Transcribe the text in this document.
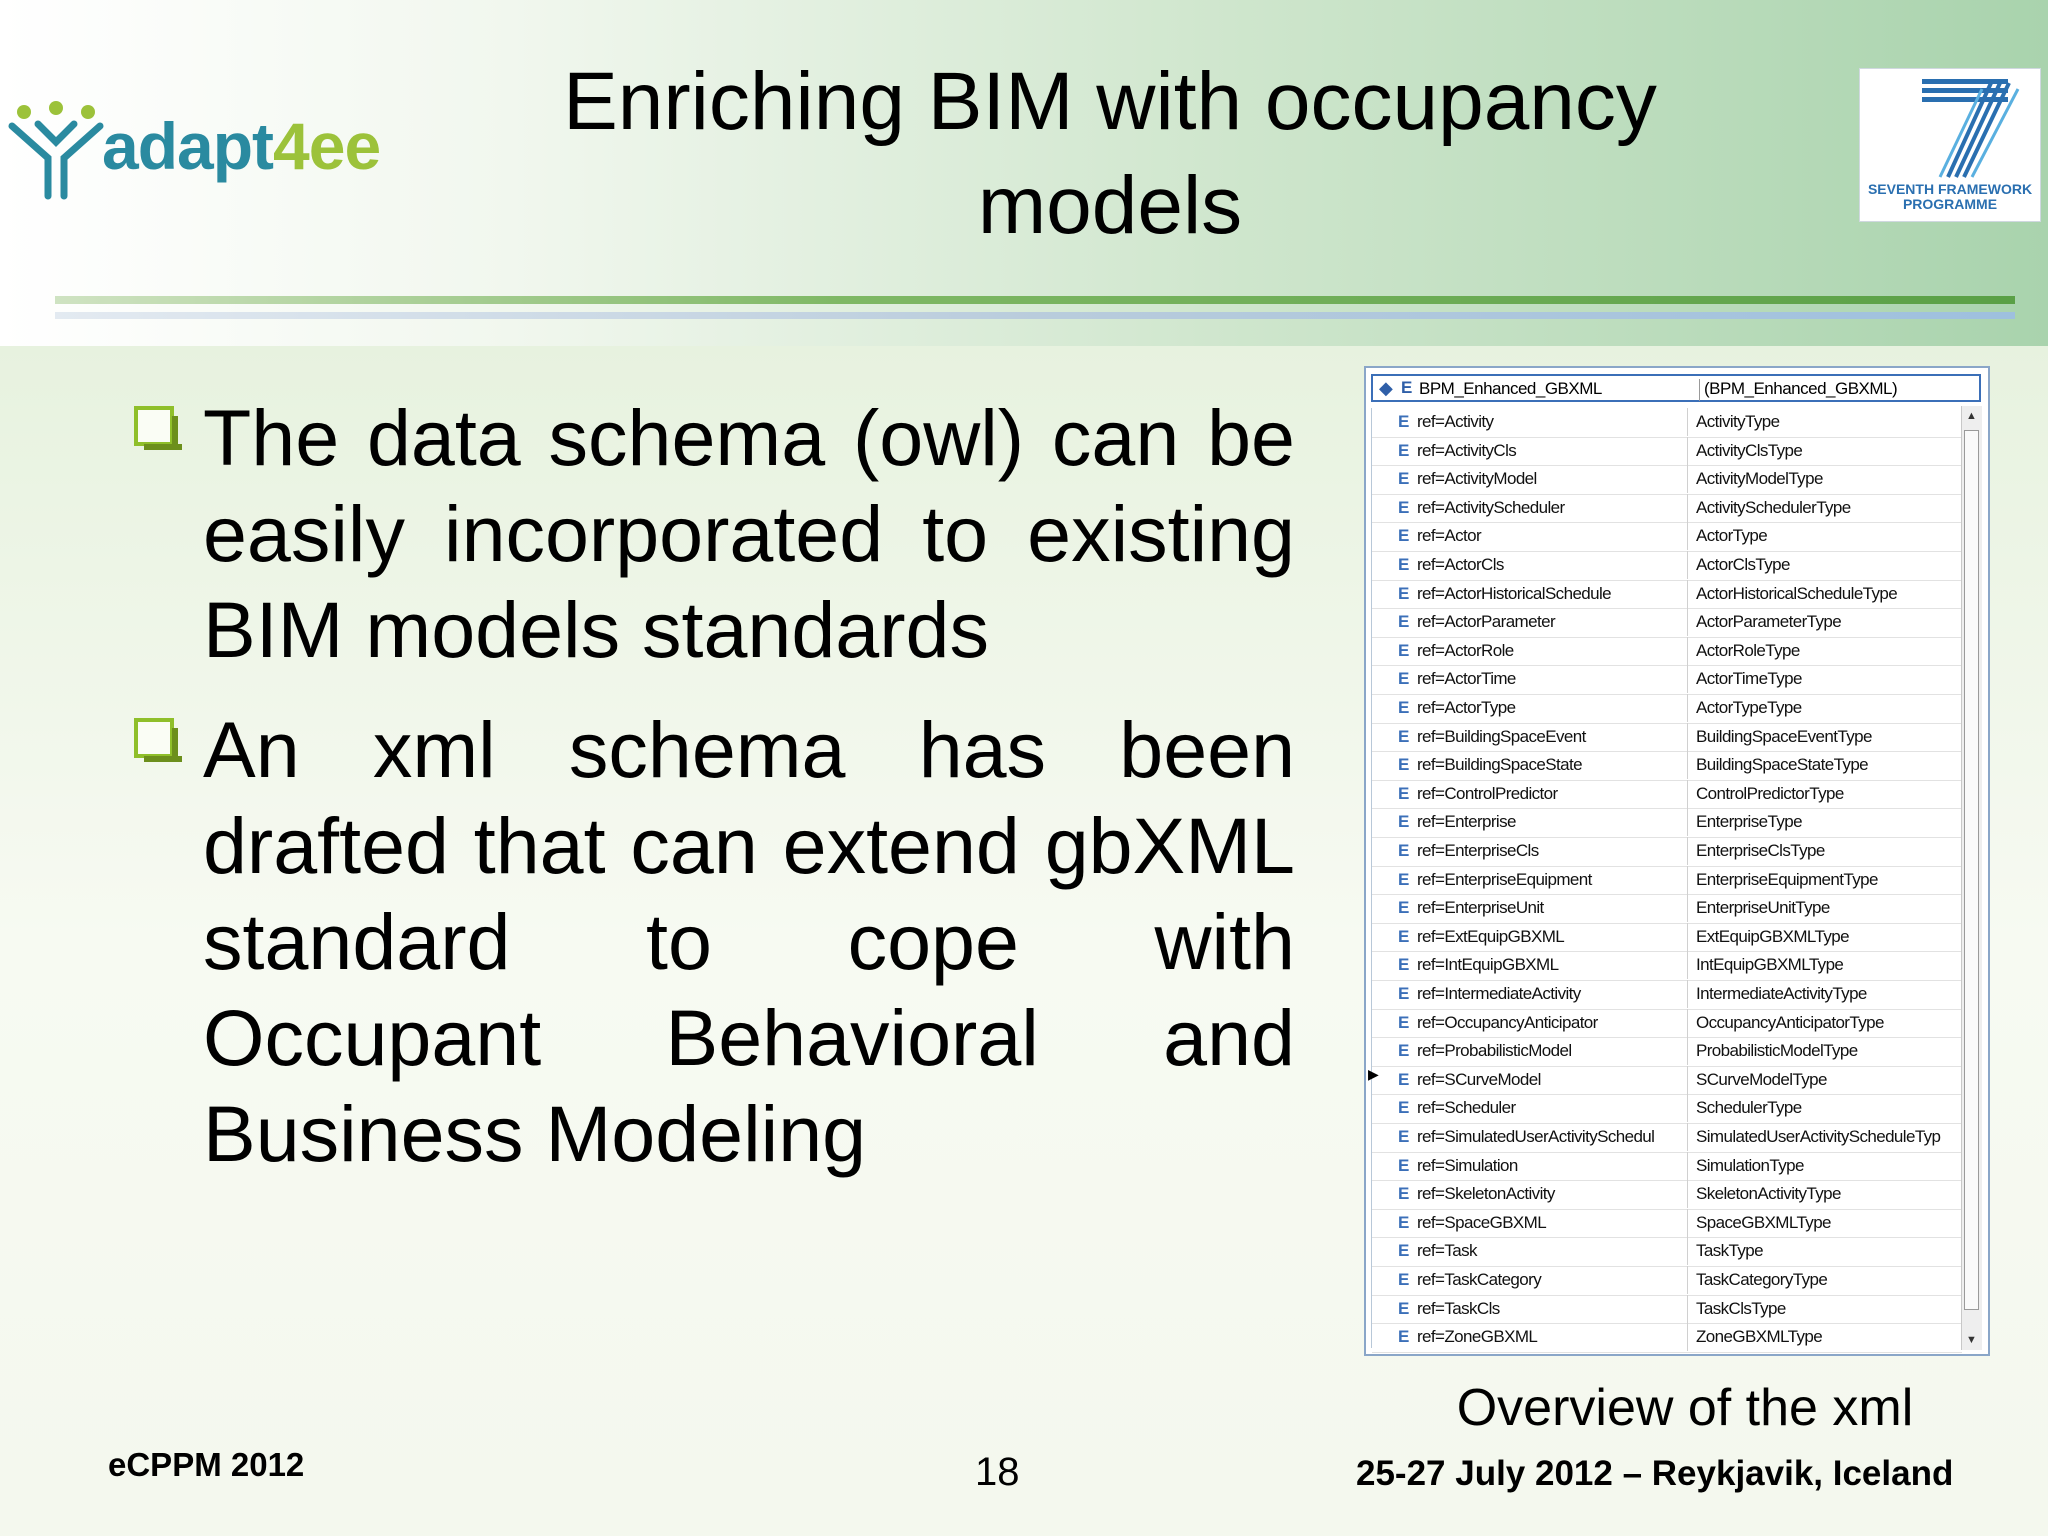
adapt4ee	Enriching BIM with occupancy
models	SEVENTH FRAMEWORK
PROGRAMME
The data schema (owl) can be easily incorporated to existing BIM models standards
An xml schema has been drafted that can extend gbXML standard to cope with Occupant Behavioral and Business Modeling
◆ E BPM_Enhanced_GBXML	(BPM_Enhanced_GBXML)
E ref=Activity	ActivityType
E ref=ActivityCls	ActivityClsType
E ref=ActivityModel	ActivityModelType
E ref=ActivityScheduler	ActivitySchedulerType
E ref=Actor	ActorType
E ref=ActorCls	ActorClsType
E ref=ActorHistoricalSchedule	ActorHistoricalScheduleType
E ref=ActorParameter	ActorParameterType
E ref=ActorRole	ActorRoleType
E ref=ActorTime	ActorTimeType
E ref=ActorType	ActorTypeType
E ref=BuildingSpaceEvent	BuildingSpaceEventType
E ref=BuildingSpaceState	BuildingSpaceStateType
E ref=ControlPredictor	ControlPredictorType
E ref=Enterprise	EnterpriseType
E ref=EnterpriseCls	EnterpriseClsType
E ref=EnterpriseEquipment	EnterpriseEquipmentType
E ref=EnterpriseUnit	EnterpriseUnitType
E ref=ExtEquipGBXML	ExtEquipGBXMLType
E ref=IntEquipGBXML	IntEquipGBXMLType
E ref=IntermediateActivity	IntermediateActivityType
E ref=OccupancyAnticipator	OccupancyAnticipatorType
E ref=ProbabilisticModel	ProbabilisticModelType
E ref=SCurveModel	SCurveModelType
E ref=Scheduler	SchedulerType
E ref=SimulatedUserActivitySchedul	SimulatedUserActivityScheduleTyp
E ref=Simulation	SimulationType
E ref=SkeletonActivity	SkeletonActivityType
E ref=SpaceGBXML	SpaceGBXMLType
E ref=Task	TaskType
E ref=TaskCategory	TaskCategoryType
E ref=TaskCls	TaskClsType
E ref=ZoneGBXML	ZoneGBXMLType
▲
▼
▶
Overview of the xml
eCPPM 2012	18	25-27 July 2012 – Reykjavik, Iceland
